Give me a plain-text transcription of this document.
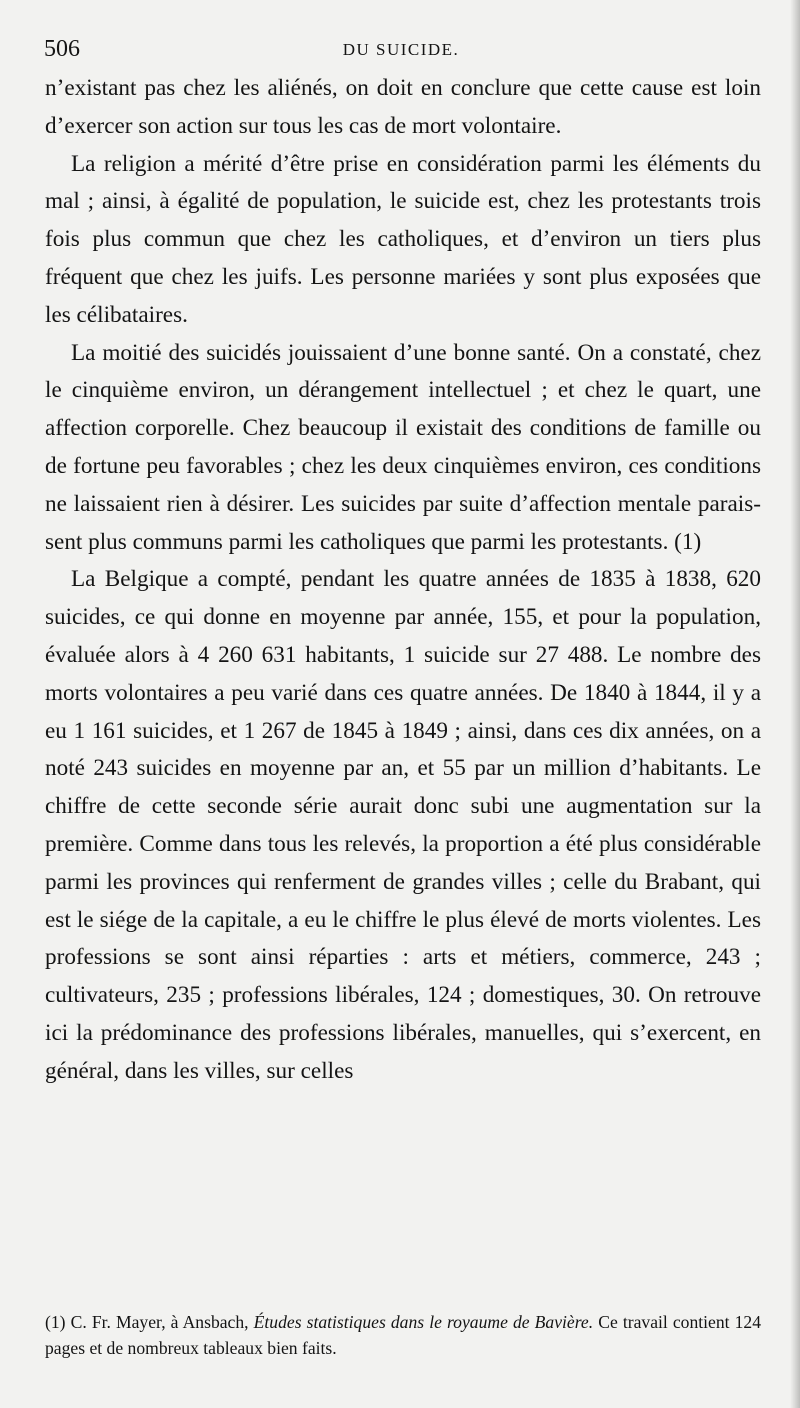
506	DU SUICIDE.

n’existant pas chez les aliénés, on doit en conclure que cette cause est loin d’exercer son action sur tous les cas de mort volontaire.

La religion a mérité d’être prise en considération parmi les éléments du mal ; ainsi, à égalité de population, le suicide est, chez les protestants trois fois plus commun que chez les catholiques, et d’environ un tiers plus fréquent que chez les juifs. Les personne mariées y sont plus exposées que les célibataires.

La moitié des suicidés jouissaient d’une bonne santé. On a constaté, chez le cinquième environ, un dérangement intellectuel ; et chez le quart, une affection corporelle. Chez beaucoup il existait des conditions de famille ou de fortune peu favorables ; chez les deux cinquièmes environ, ces conditions ne laissaient rien à désirer. Les suicides par suite d’affection mentale paraissent plus communs parmi les catholiques que parmi les protestants. (1)

La Belgique a compté, pendant les quatre années de 1835 à 1838, 620 suicides, ce qui donne en moyenne par année, 155, et pour la population, évaluée alors à 4 260 631 habitants, 1 suicide sur 27 488. Le nombre des morts volontaires a peu varié dans ces quatre années. De 1840 à 1844, il y a eu 1 161 suicides, et 1 267 de 1845 à 1849 ; ainsi, dans ces dix années, on a noté 243 suicides en moyenne par an, et 55 par un million d’habitants. Le chiffre de cette seconde série aurait donc subi une augmentation sur la première. Comme dans tous les relevés, la proportion a été plus considérable parmi les provinces qui renferment de grandes villes ; celle du Brabant, qui est le siége de la capitale, a eu le chiffre le plus élevé de morts violentes. Les professions se sont ainsi réparties : arts et métiers, commerce, 243 ; cultivateurs, 235 ; professions libérales, 124 ; domestiques, 30. On retrouve ici la prédominance des professions libérales, manuelles, qui s’exercent, en général, dans les villes, sur celles

(1) C. Fr. Mayer, à Ansbach, Études statistiques dans le royaume de Bavière. Ce travail contient 124 pages et de nombreux tableaux bien faits.
